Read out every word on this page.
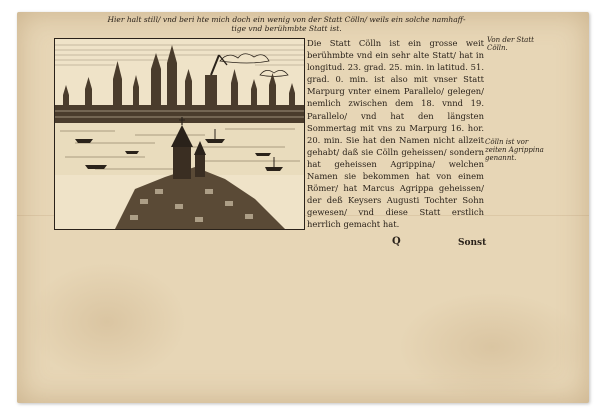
Hier halt still/ vnd beri hte mich doch ein wenig von der Statt Cölln/ weils ein solche namhaff-
tige vnd berühmbte Statt ist.

Die Statt Cölln ist ein grosse weit berühmbte vnd ein sehr alte Statt/ hat in longitud. 23. grad. 25. min. in latitud. 51. grad. 0. min. ist also mit vnser Statt Marpurg vnter einem Parallelo/ gelegen/ nemlich zwischen dem 18. vnnd 19. Parallelo/ vnd hat den längsten Sommertag mit vns zu Marpurg 16. hor. 20. min. Sie hat den Namen nicht allzeit gehabt/ daß sie Cölln geheissen/ sondern hat geheissen Agrippina/ welchen Namen sie bekommen hat von einem Römer/ hat Marcus Agrippa geheissen/ der deß Keysers Augusti Tochter Sohn gewesen/ vnd diese Statt erstlich herrlich gemacht hat.

Von der Statt Cölln.
Cölln ist vor zeiten Agrippina genannt.
Q	Sonst
